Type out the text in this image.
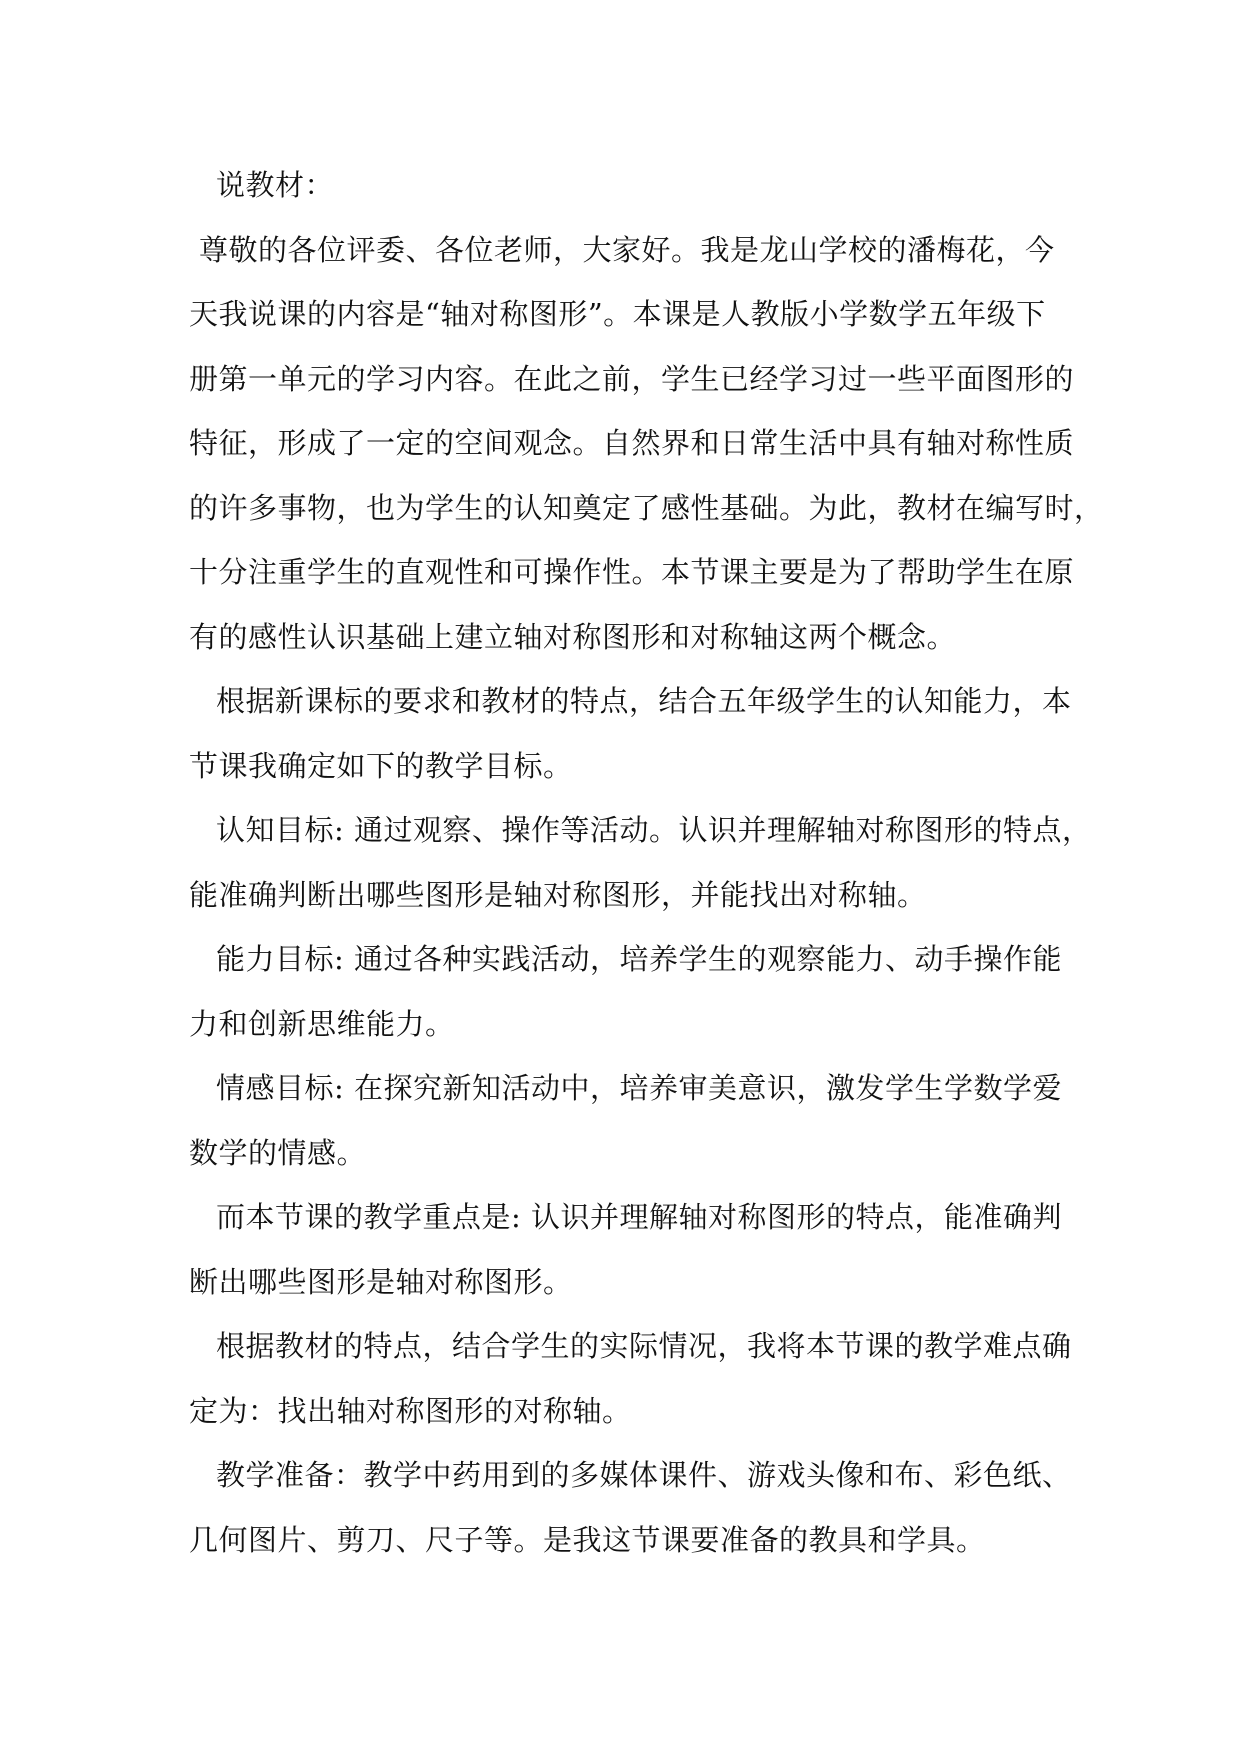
说教材：
尊敬的各位评委、各位老师，大家好。我是龙山学校的潘梅花，今
天我说课的内容是“轴对称图形”。本课是人教版小学数学五年级下
册第一单元的学习内容。在此之前，学生已经学习过一些平面图形的
特征，形成了一定的空间观念。自然界和日常生活中具有轴对称性质
的许多事物，也为学生的认知奠定了感性基础。为此，教材在编写时，
十分注重学生的直观性和可操作性。本节课主要是为了帮助学生在原
有的感性认识基础上建立轴对称图形和对称轴这两个概念。
根据新课标的要求和教材的特点，结合五年级学生的认知能力，本
节课我确定如下的教学目标。
认知目标: 通过观察、操作等活动。认识并理解轴对称图形的特点，
能准确判断出哪些图形是轴对称图形，并能找出对称轴。
能力目标: 通过各种实践活动，培养学生的观察能力、动手操作能
力和创新思维能力。
情感目标: 在探究新知活动中，培养审美意识，激发学生学数学爱
数学的情感。
而本节课的教学重点是: 认识并理解轴对称图形的特点，能准确判
断出哪些图形是轴对称图形。
根据教材的特点，结合学生的实际情况，我将本节课的教学难点确
定为：找出轴对称图形的对称轴。
教学准备：教学中药用到的多媒体课件、游戏头像和布、彩色纸、
几何图片、剪刀、尺子等。是我这节课要准备的教具和学具。
